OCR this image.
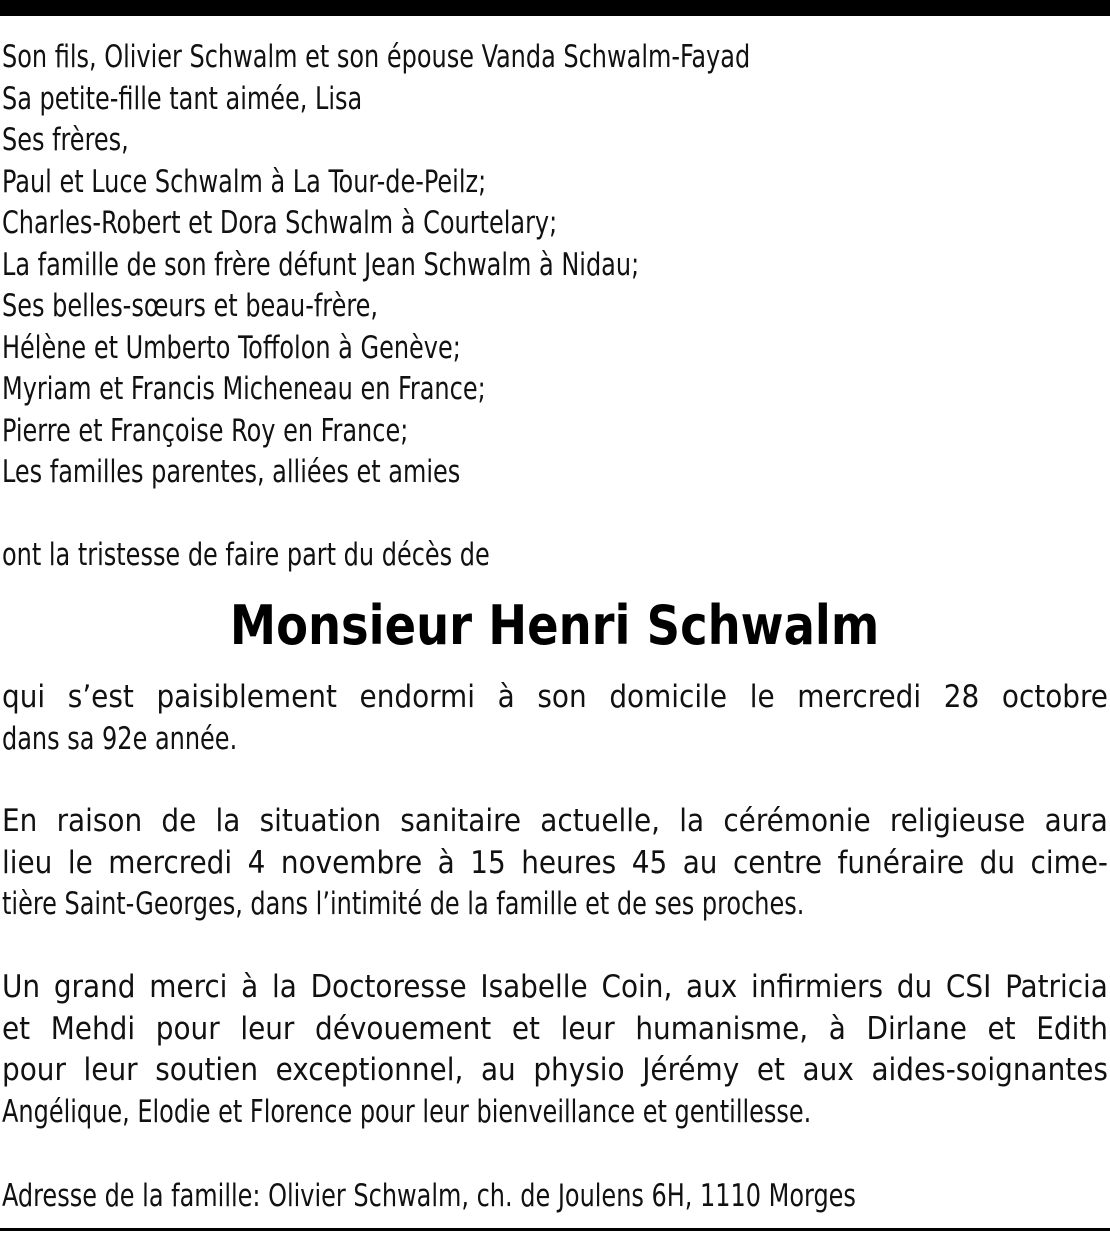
Son fils, Olivier Schwalm et son épouse Vanda Schwalm-Fayad
Sa petite-fille tant aimée, Lisa
Ses frères,
Paul et Luce Schwalm à La Tour-de-Peilz;
Charles-Robert et Dora Schwalm à Courtelary;
La famille de son frère défunt Jean Schwalm à Nidau;
Ses belles-sœurs et beau-frère,
Hélène et Umberto Toffolon à Genève;
Myriam et Francis Micheneau en France;
Pierre et Françoise Roy en France;
Les familles parentes, alliées et amies
ont la tristesse de faire part du décès de
Monsieur Henri Schwalm
qui s’est paisiblement endormi à son domicile le mercredi 28 octobre
dans sa 92e année.
En raison de la situation sanitaire actuelle, la cérémonie religieuse aura
lieu le mercredi 4 novembre à 15 heures 45 au centre funéraire du cime-
tière Saint-Georges, dans l’intimité de la famille et de ses proches.
Un grand merci à la Doctoresse Isabelle Coin, aux infirmiers du CSI Patricia
et Mehdi pour leur dévouement et leur humanisme, à Dirlane et Edith
pour leur soutien exceptionnel, au physio Jérémy et aux aides-soignantes
Angélique, Elodie et Florence pour leur bienveillance et gentillesse.
Adresse de la famille: Olivier Schwalm, ch. de Joulens 6H, 1110 Morges
